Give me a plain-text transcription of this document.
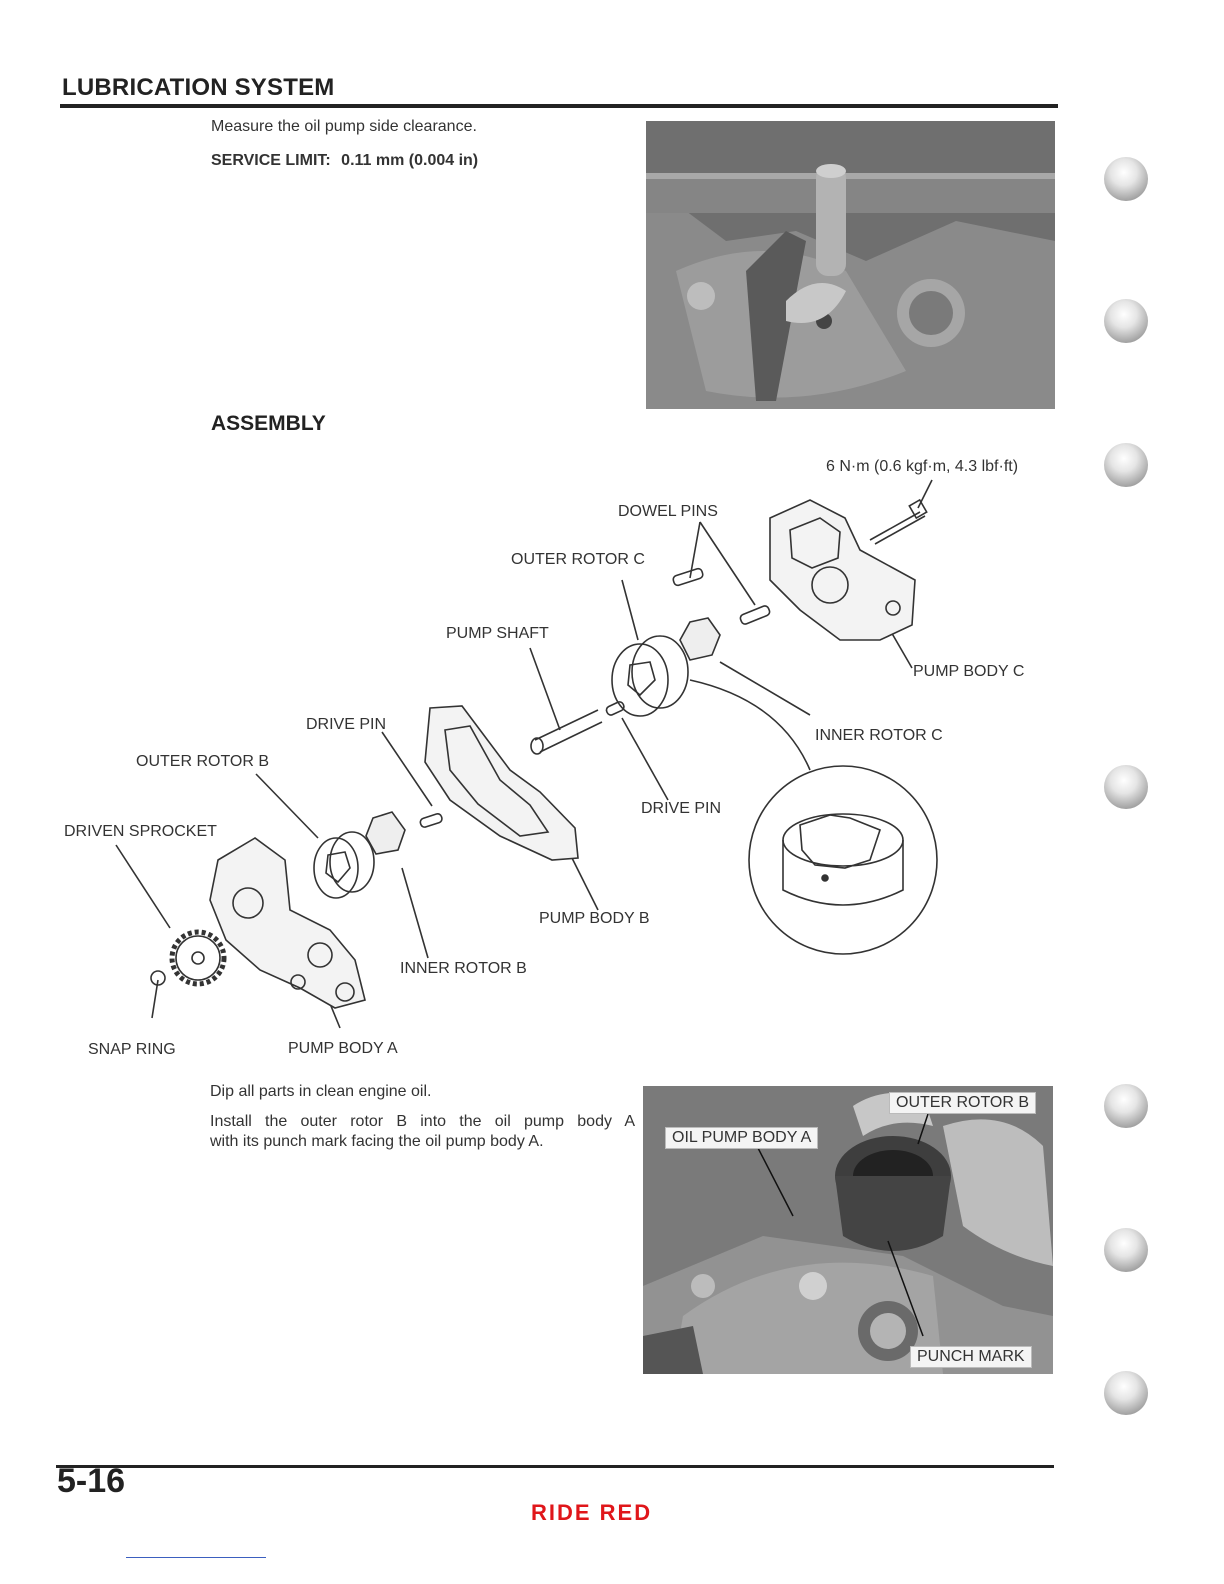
LUBRICATION SYSTEM
Measure the oil pump side clearance.
SERVICE LIMIT: 0.11 mm (0.004 in)
ASSEMBLY
6 N·m (0.6 kgf·m, 4.3 lbf·ft)
DOWEL PINS
OUTER ROTOR C
PUMP SHAFT
PUMP BODY C
DRIVE PIN
INNER ROTOR C
OUTER ROTOR B
DRIVE PIN
DRIVEN SPROCKET
PUMP BODY B
INNER ROTOR B
SNAP RING	PUMP BODY A
Dip all parts in clean engine oil.
Install the outer rotor B into the oil pump body A
with its punch mark facing the oil pump body A.
OUTER ROTOR B
OIL PUMP BODY A
PUNCH MARK
5-16
RIDE RED
